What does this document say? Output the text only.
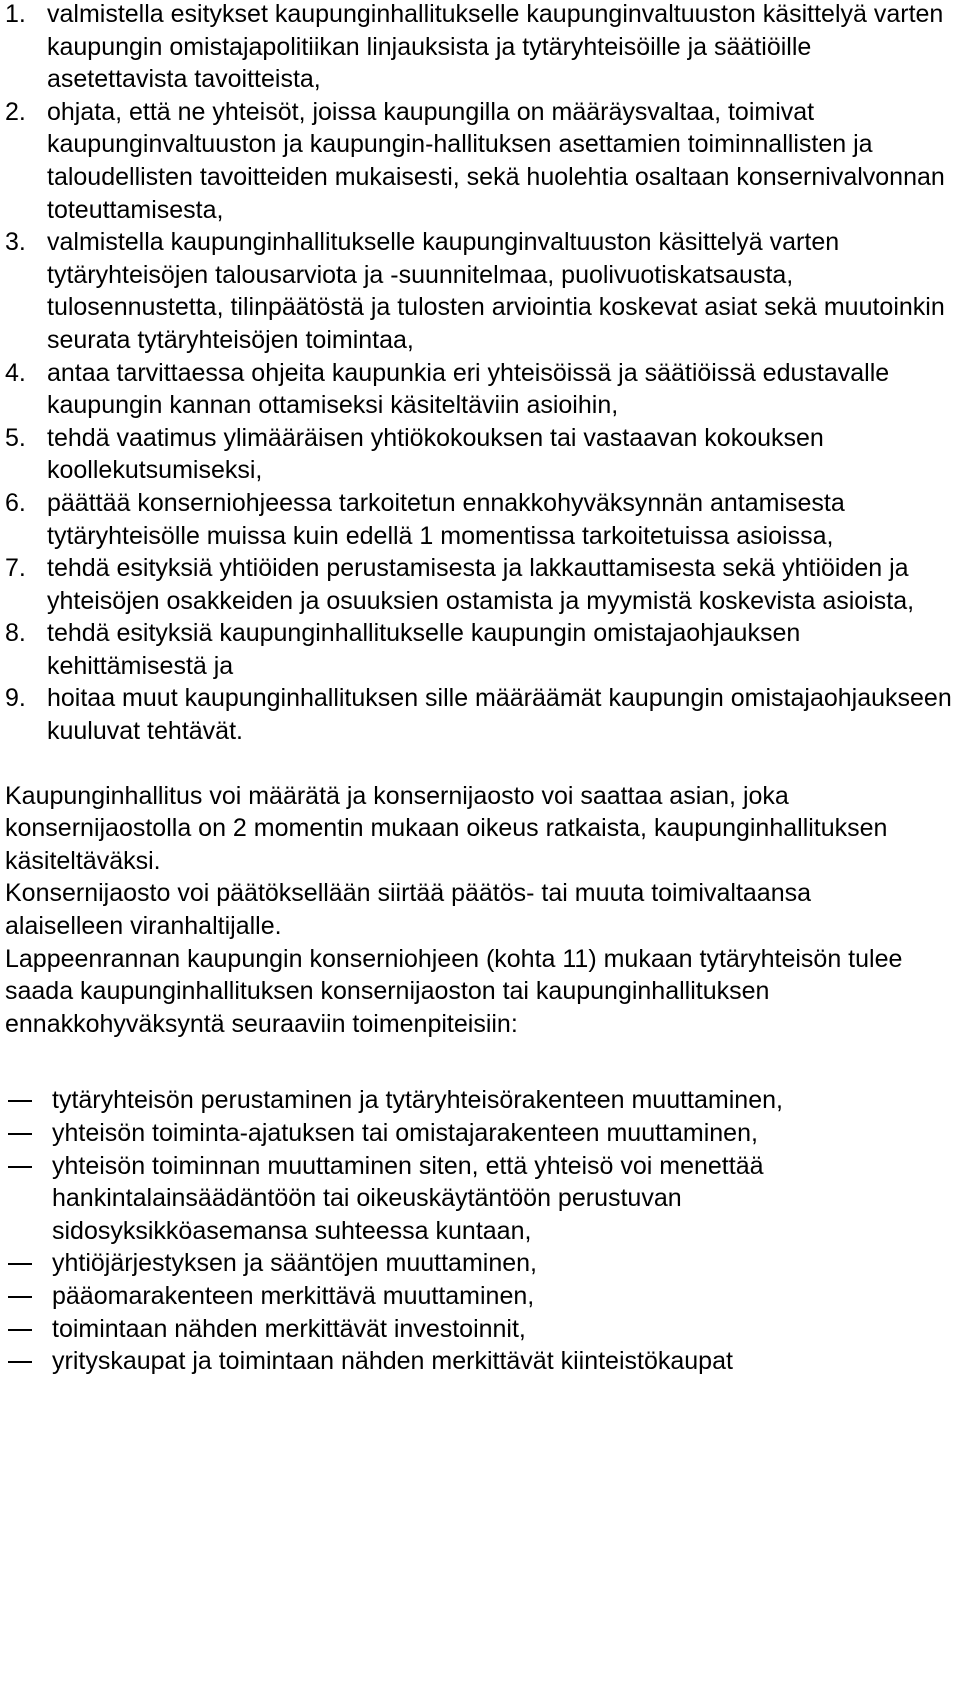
1. valmistella esitykset kaupunginhallitukselle kaupunginvaltuuston käsittelyä varten kaupungin omistajapolitiikan linjauksista ja tytäryhteisöille ja säätiöille asetettavista tavoitteista,
2. ohjata, että ne yhteisöt, joissa kaupungilla on määräysvaltaa, toimivat kaupunginvaltuuston ja kaupungin-hallituksen asettamien toiminnallisten ja taloudellisten tavoitteiden mukaisesti, sekä huolehtia osaltaan konsernivalvonnan toteuttamisesta,
3. valmistella kaupunginhallitukselle kaupunginvaltuuston käsittelyä varten tytäryhteisöjen talousarviota ja -suunnitelmaa, puolivuotiskatsausta, tulosennustetta, tilinpäätöstä ja tulosten arviointia koskevat asiat sekä muutoinkin seurata tytäryhteisöjen toimintaa,
4. antaa tarvittaessa ohjeita kaupunkia eri yhteisöissä ja säätiöissä edustavalle kaupungin kannan ottamiseksi käsiteltäviin asioihin,
5. tehdä vaatimus ylimääräisen yhtiökokouksen tai vastaavan kokouksen koollekutsumiseksi,
6. päättää konserniohjeessa tarkoitetun ennakkohyväksynnän antamisesta tytäryhteisölle muissa kuin edellä 1 momentissa tarkoitetuissa asioissa,
7. tehdä esityksiä yhtiöiden perustamisesta ja lakkauttamisesta sekä yhtiöiden ja yhteisöjen osakkeiden ja osuuksien ostamista ja myymistä koskevista asioista,
8. tehdä esityksiä kaupunginhallitukselle kaupungin omistajaohjauksen kehittämisestä ja
9. hoitaa muut kaupunginhallituksen sille määräämät kaupungin omistajaohjaukseen kuuluvat tehtävät.

Kaupunginhallitus voi määrätä ja konsernijaosto voi saattaa asian, joka konsernijaostolla on 2 momentin mukaan oikeus ratkaista, kaupunginhallituksen käsiteltäväksi.

Konsernijaosto voi päätöksellään siirtää päätös- tai muuta toimivaltaansa alaiselleen viranhaltijalle.

Lappeenrannan kaupungin konserniohjeen (kohta 11) mukaan tytäryhteisön tulee saada kaupunginhallituksen konsernijaoston tai kaupunginhallituksen ennakkohyväksyntä seuraaviin toimenpiteisiin:

tytäryhteisön perustaminen ja tytäryhteisörakenteen muuttaminen,
yhteisön toiminta-ajatuksen tai omistajarakenteen muuttaminen,
yhteisön toiminnan muuttaminen siten, että yhteisö voi menettää hankintalainsäädäntöön tai oikeuskäytäntöön perustuvan sidosyksikköasemansa suhteessa kuntaan,
yhtiöjärjestyksen ja sääntöjen muuttaminen,
pääomarakenteen merkittävä muuttaminen,
toimintaan nähden merkittävät investoinnit,
yrityskaupat ja toimintaan nähden merkittävät kiinteistökaupat
